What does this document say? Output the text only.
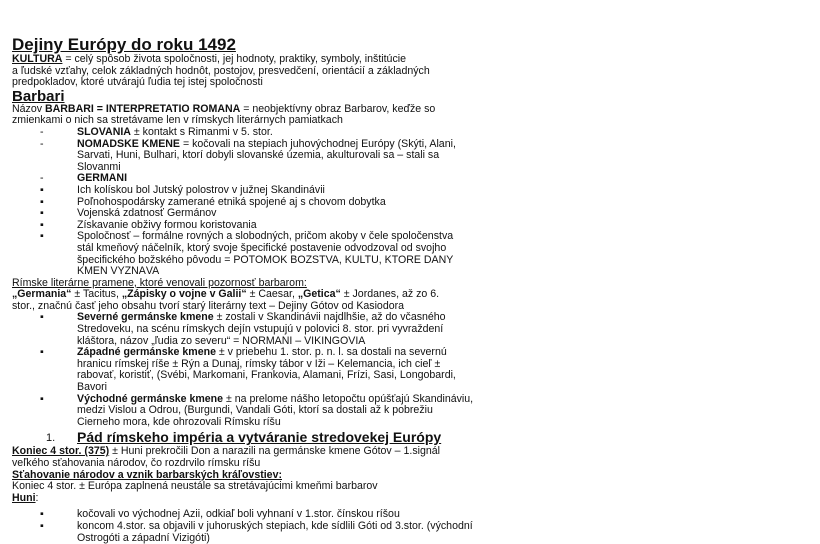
Dejiny Európy do roku 1492
KULTÚRA = celý spôsob života spoločnosti, jej hodnoty, praktiky, symboly, inštitúcie
a ľudské vzťahy, celok základných hodnôt, postojov, presvedčení, orientácií a základných
predpokladov, ktoré utvárajú ľudia tej istej spoločnosti
Barbari
Názov BARBARI = INTERPRETATIO ROMANA = neobjektívny obraz Barbarov, keďže so
zmienkami o nich sa stretávame len v rímskych literárnych pamiatkach
-	SLOVANIA ± kontakt s Rimanmi v 5. stor.
-	NOMÁDSKE KMENE = kočovali na stepiach juhovýchodnej Európy (Skýti, Alani,
Sarvati, Huni, Bulhari, ktorí dobyli slovanské územia, akulturovali sa – stali sa
Slovanmi
-	GERMÁNI
▪	Ich kolískou bol Jutský polostrov v južnej Škandinávii
▪	Poľnohospodársky zamerané etniká spojené aj s chovom dobytka
▪	Vojenská zdatnosť Germánov
▪	Získavanie obživy formou koristovania
▪	Spoločnosť – formálne rovných a slobodných, pričom akoby v čele spoločenstva
stál kmeňový náčelník, ktorý svoje špecifické postavenie odvodzoval od svojho
špecifického božského pôvodu = POTOMOK BOŽSTVA, KULTU, KTORÉ DANÝ
KMEŇ VYZNÁVA
Rímske literárne pramene, ktoré venovali pozornosť barbarom:
„Germania“ ± Tacitus, „Zápisky o vojne v Galii“ ± Caesar, „Getica“ ± Jordanes, až zo 6.
stor., značnú časť jeho obsahu tvorí starý literárny text – Dejiny Gótov od Kasiodora
▪	Severné germánske kmene ± zostali v Škandinávii najdlhšie, až do včasného
Stredoveku, na scénu rímskych dejín vstupujú v polovici 8. stor. pri vyvraždení
kláštora, názov „ľudia zo severu“ = NORMANI – VIKINGOVIA
▪	Západné germánske kmene ± v priebehu 1. stor. p. n. l. sa dostali na severnú
hranicu rímskej ríše ± Rýn a Dunaj, rímsky tábor v Iži – Kelemancia, ich cieľ ±
rabovať, koristiť, (Svébi, Markomani, Frankovia, Alamani, Frízi, Sasi, Longobardi,
Bavori
▪	Východné germánske kmene ± na prelome nášho letopočtu opúšťajú Škandináviu,
medzi Vislou a Odrou, (Burgundi, Vandali Góti, ktorí sa dostali až k pobrežiu
Čierneho mora, kde ohrozovali Rímsku ríšu
1. Pád rímskeho impéria a vytváranie stredovekej Európy
Koniec 4 stor. (375) ± Huni prekročili Don a narazili na germánske kmene Gótov – 1.signál
veľkého sťahovania národov, čo rozdrvilo rímsku ríšu
Sťahovanie národov a vznik barbarských kráľovstiev:
Koniec 4 stor. ± Európa zaplnená neustále sa stretávajúcimi kmeňmi barbarov
Huni:
▪	kočovali vo východnej Ázii, odkiaľ boli vyhnaní v 1.stor. čínskou ríšou
▪	koncom 4.stor. sa objavili v juhoruských stepiach, kde sídlili Góti od 3.stor. (východní
Ostrogóti a západní Vizigóti)
